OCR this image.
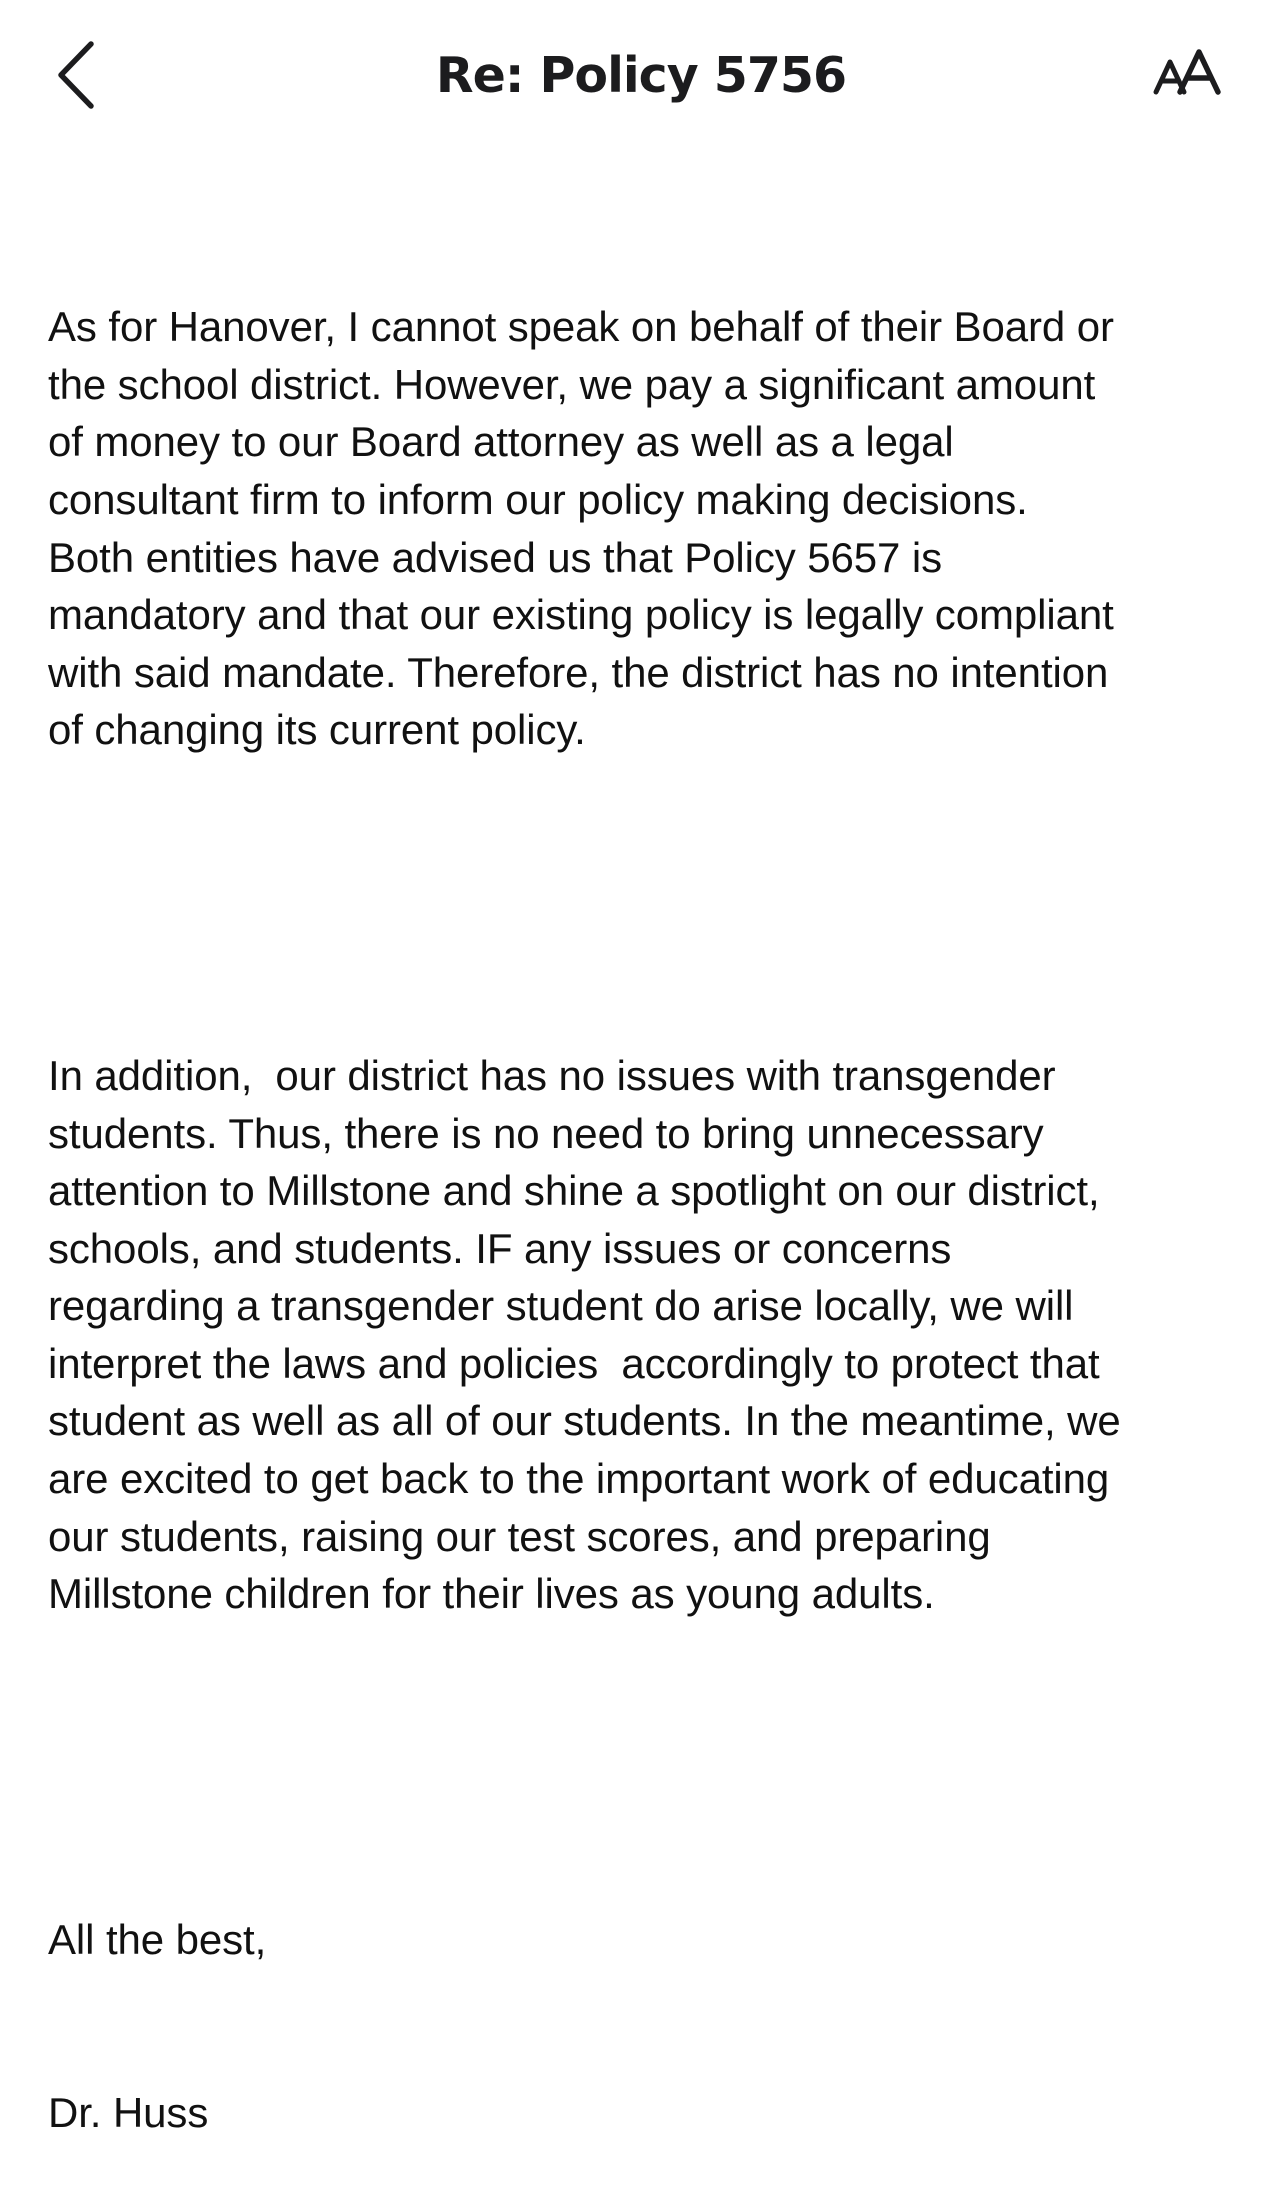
Re: Policy 5756

As for Hanover, I cannot speak on behalf of their Board or
the school district. However, we pay a significant amount
of money to our Board attorney as well as a legal
consultant firm to inform our policy making decisions.
Both entities have advised us that Policy 5657 is
mandatory and that our existing policy is legally compliant
with said mandate. Therefore, the district has no intention
of changing its current policy.

In addition,  our district has no issues with transgender
students. Thus, there is no need to bring unnecessary
attention to Millstone and shine a spotlight on our district,
schools, and students. IF any issues or concerns
regarding a transgender student do arise locally, we will
interpret the laws and policies  accordingly to protect that
student as well as all of our students. In the meantime, we
are excited to get back to the important work of educating
our students, raising our test scores, and preparing
Millstone children for their lives as young adults.

All the best,

Dr. Huss
